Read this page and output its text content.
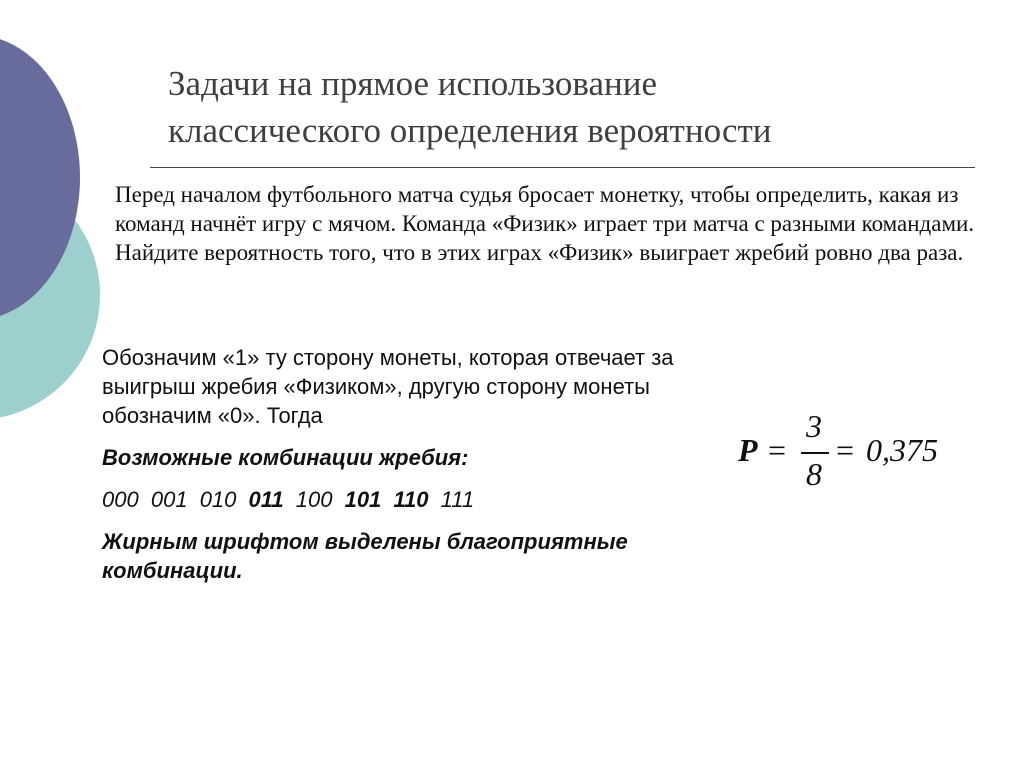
Задачи на прямое использование
классического определения вероятности
Перед началом футбольного матча судья бросает монетку, чтобы определить, какая из команд начнёт игру с мячом. Команда «Физик» играет три матча с разными командами. Найдите вероятность того, что в этих играх «Физик» выиграет жребий ровно два раза.

Обозначим «1» ту сторону монеты, которая отвечает за выигрыш жребия «Физиком», другую сторону монеты обозначим «0». Тогда

Возможные комбинации жребия:

000 001 010 011 100 101 110 111

Жирным шрифтом выделены благоприятные комбинации.

P =
3
8
= 0,375
